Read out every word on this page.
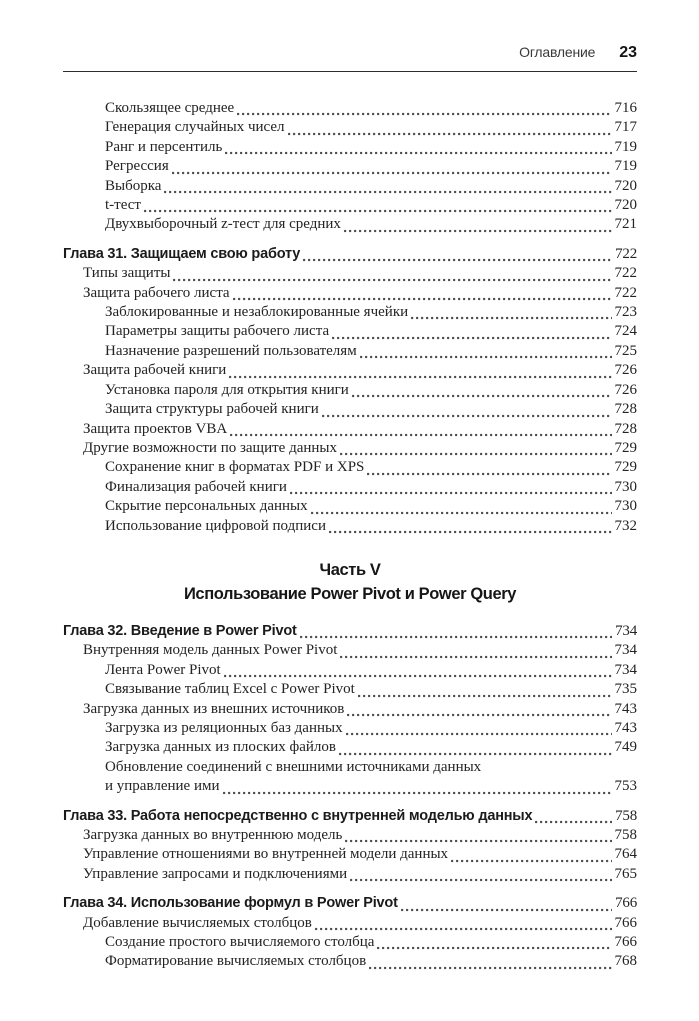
Оглавление 23
Скользящее среднее	716
Генерация случайных чисел	717
Ранг и персентиль	719
Регрессия	719
Выборка	720
t-тест	720
Двухвыборочный z-тест для средних	721
Глава 31. Защищаем свою работу	722
Типы защиты	722
Защита рабочего листа	722
Заблокированные и незаблокированные ячейки	723
Параметры защиты рабочего листа	724
Назначение разрешений пользователям	725
Защита рабочей книги	726
Установка пароля для открытия книги	726
Защита структуры рабочей книги	728
Защита проектов VBA	728
Другие возможности по защите данных	729
Сохранение книг в форматах PDF и XPS	729
Финализация рабочей книги	730
Скрытие персональных данных	730
Использование цифровой подписи	732
Часть V
Использование Power Pivot и Power Query
Глава 32. Введение в Power Pivot	734
Внутренняя модель данных Power Pivot	734
Лента Power Pivot	734
Связывание таблиц Excel с Power Pivot	735
Загрузка данных из внешних источников	743
Загрузка из реляционных баз данных	743
Загрузка данных из плоских файлов	749
Обновление соединений с внешними источниками данных
и управление ими	753
Глава 33. Работа непосредственно с внутренней моделью данных	758
Загрузка данных во внутреннюю модель	758
Управление отношениями во внутренней модели данных	764
Управление запросами и подключениями	765
Глава 34. Использование формул в Power Pivot	766
Добавление вычисляемых столбцов	766
Создание простого вычисляемого столбца	766
Форматирование вычисляемых столбцов	768
